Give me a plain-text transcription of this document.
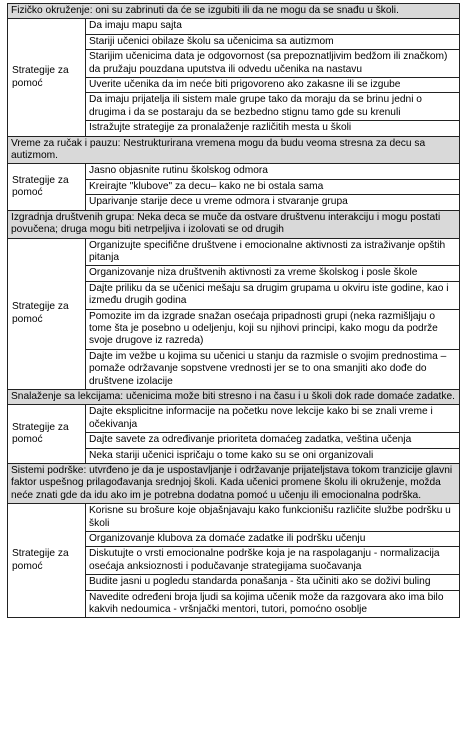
Fizičko okruženje: oni su zabrinuti da će se izgubiti ili da ne mogu da se snađu u školi.	
Strategije za pomoć	Da imaju mapu sajta
	Stariji učenici obilaze školu sa učenicima sa autizmom
	Starijim učenicima data je odgovornost (sa prepoznatljivim bedžom ili značkom) da pružaju pouzdana uputstva ili odvedu učenika na nastavu
	Uverite učenika da im neće biti prigovoreno ako zakasne ili se izgube
	Da imaju prijatelja ili sistem male grupe tako da moraju da se brinu jedni o drugima i da se postaraju da se bezbedno stignu tamo gde su krenuli
	Istražujte strategije za pronalaženje različitih mesta u školi
Vreme za ručak i pauzu: Nestrukturirana vremena mogu da budu veoma stresna za decu sa autizmom.	
Strategije za pomoć	Jasno objasnite rutinu školskog odmora
	Kreirajte "klubove" za decu– kako ne bi ostala sama
	Uparivanje starije dece u vreme odmora i stvaranje grupa
Izgradnja društvenih grupa: Neka deca se muče da ostvare društvenu interakciju i mogu postati povučena; druga mogu biti netrpeljiva i izolovati se od drugih	
Strategije za pomoć	Organizujte specifične društvene i emocionalne aktivnosti za istraživanje opštih pitanja
	Organizovanje niza društvenih aktivnosti za vreme školskog i posle škole
	Dajte priliku da se učenici mešaju sa drugim grupama u okviru iste godine, kao i između drugih godina
	Pomozite im da izgrade snažan osećaja pripadnosti grupi (neka razmišljaju o tome šta je posebno u odeljenju, koji su njihovi principi, kako mogu da podrže svoje drugove iz razreda)
	Dajte im vežbe u kojima su učenici u stanju da razmisle o svojim prednostima – pomaže održavanje sopstvene vrednosti jer se to ona smanjiti ako dođe do društvene izolacije
Snalaženje sa lekcijama: učenicima može biti stresno i na času i u školi dok rade domaće zadatke.	
Strategije za pomoć	Dajte eksplicitne informacije na početku nove lekcije kako bi se znali vreme i očekivanja
	Dajte savete za određivanje prioriteta domaćeg zadatka, veština učenja
	Neka stariji učenici ispričaju o tome kako su se oni organizovali
Sistemi podrške: utvrđeno je da je uspostavljanje i održavanje prijateljstava tokom tranzicije glavni faktor uspešnog prilagođavanja srednjoj školi. Kada učenici promene školu ili okruženje, možda neće znati gde da idu ako im je potrebna dodatna pomoć u učenju ili emocionalna podrška.	
Strategije za pomoć	Korisne su brošure koje objašnjavaju kako funkcionišu različite službe podršku u školi
	Organizovanje klubova za domaće zadatke ili podršku učenju
	Diskutujte o vrsti emocionalne podrške koja je na raspolaganju - normalizacija osećaja anksioznosti i podučavanje strategijama suočavanja
	Budite jasni u pogledu standarda ponašanja - šta učiniti ako se doživi buling
	Navedite određeni broja ljudi sa kojima učenik može da razgovara ako ima bilo kakvih nedoumica - vršnjački mentori, tutori, pomoćno osoblje
